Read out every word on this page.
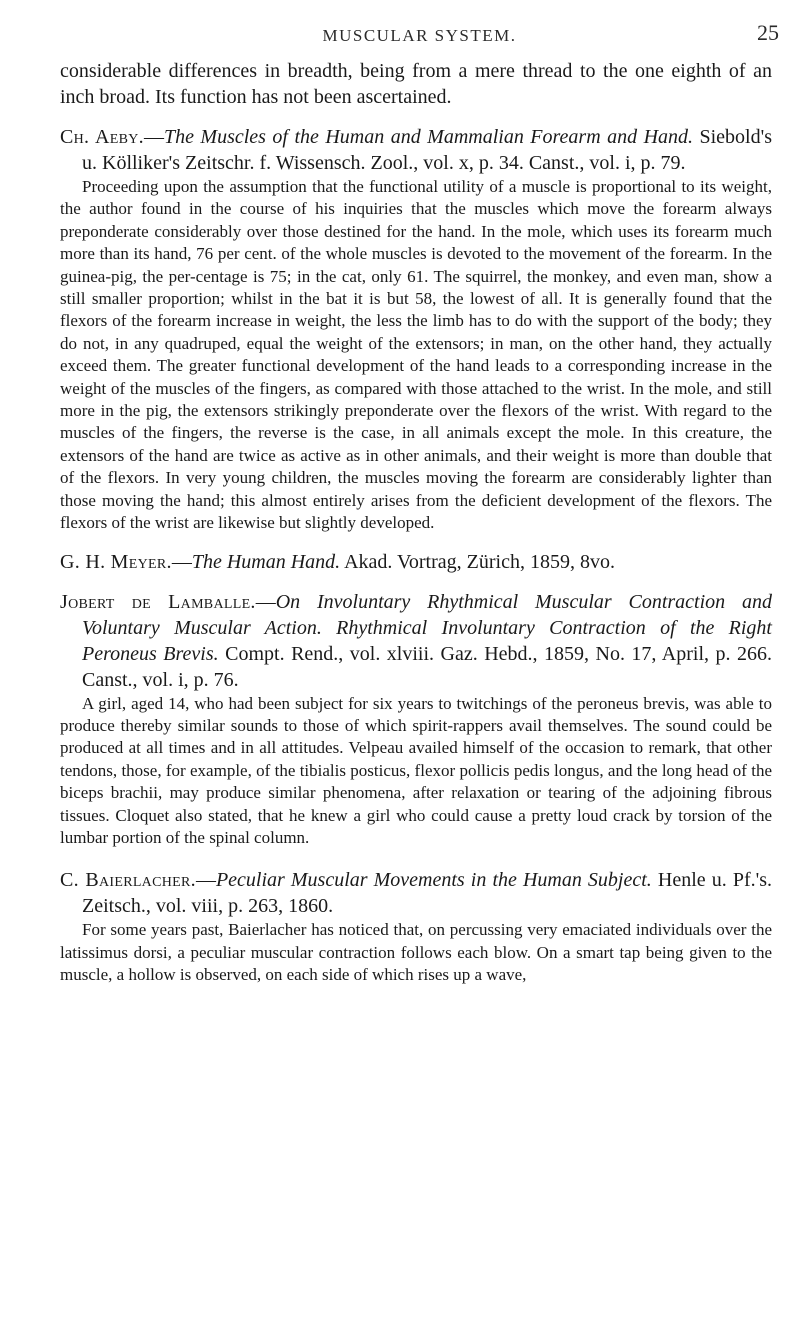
MUSCULAR SYSTEM.	25

considerable differences in breadth, being from a mere thread to the one eighth of an inch broad. Its function has not been ascertained.

Ch. Aeby.—The Muscles of the Human and Mammalian Forearm and Hand. Siebold's u. Kölliker's Zeitschr. f. Wissensch. Zool., vol. x, p. 34. Canst., vol. i, p. 79.

Proceeding upon the assumption that the functional utility of a muscle is proportional to its weight, the author found in the course of his inquiries that the muscles which move the forearm always preponderate considerably over those destined for the hand. In the mole, which uses its forearm much more than its hand, 76 per cent. of the whole muscles is devoted to the movement of the forearm. In the guinea-pig, the per-centage is 75; in the cat, only 61. The squirrel, the monkey, and even man, show a still smaller proportion; whilst in the bat it is but 58, the lowest of all. It is generally found that the flexors of the forearm increase in weight, the less the limb has to do with the support of the body; they do not, in any quadruped, equal the weight of the extensors; in man, on the other hand, they actually exceed them. The greater functional development of the hand leads to a corresponding increase in the weight of the muscles of the fingers, as compared with those attached to the wrist. In the mole, and still more in the pig, the extensors strikingly preponderate over the flexors of the wrist. With regard to the muscles of the fingers, the reverse is the case, in all animals except the mole. In this creature, the extensors of the hand are twice as active as in other animals, and their weight is more than double that of the flexors. In very young children, the muscles moving the forearm are considerably lighter than those moving the hand; this almost entirely arises from the deficient development of the flexors. The flexors of the wrist are likewise but slightly developed.

G. H. Meyer.—The Human Hand. Akad. Vortrag, Zürich, 1859, 8vo.

Jobert de Lamballe.—On Involuntary Rhythmical Muscular Contraction and Voluntary Muscular Action. Rhythmical Involuntary Contraction of the Right Peroneus Brevis. Compt. Rend., vol. xlviii. Gaz. Hebd., 1859, No. 17, April, p. 266. Canst., vol. i, p. 76.

A girl, aged 14, who had been subject for six years to twitchings of the peroneus brevis, was able to produce thereby similar sounds to those of which spirit-rappers avail themselves. The sound could be produced at all times and in all attitudes. Velpeau availed himself of the occasion to remark, that other tendons, those, for example, of the tibialis posticus, flexor pollicis pedis longus, and the long head of the biceps brachii, may produce similar phenomena, after relaxation or tearing of the adjoining fibrous tissues. Cloquet also stated, that he knew a girl who could cause a pretty loud crack by torsion of the lumbar portion of the spinal column.

C. Baierlacher.—Peculiar Muscular Movements in the Human Subject. Henle u. Pf.'s. Zeitsch., vol. viii, p. 263, 1860.

For some years past, Baierlacher has noticed that, on percussing very emaciated individuals over the latissimus dorsi, a peculiar muscular contraction follows each blow. On a smart tap being given to the muscle, a hollow is observed, on each side of which rises up a wave,
